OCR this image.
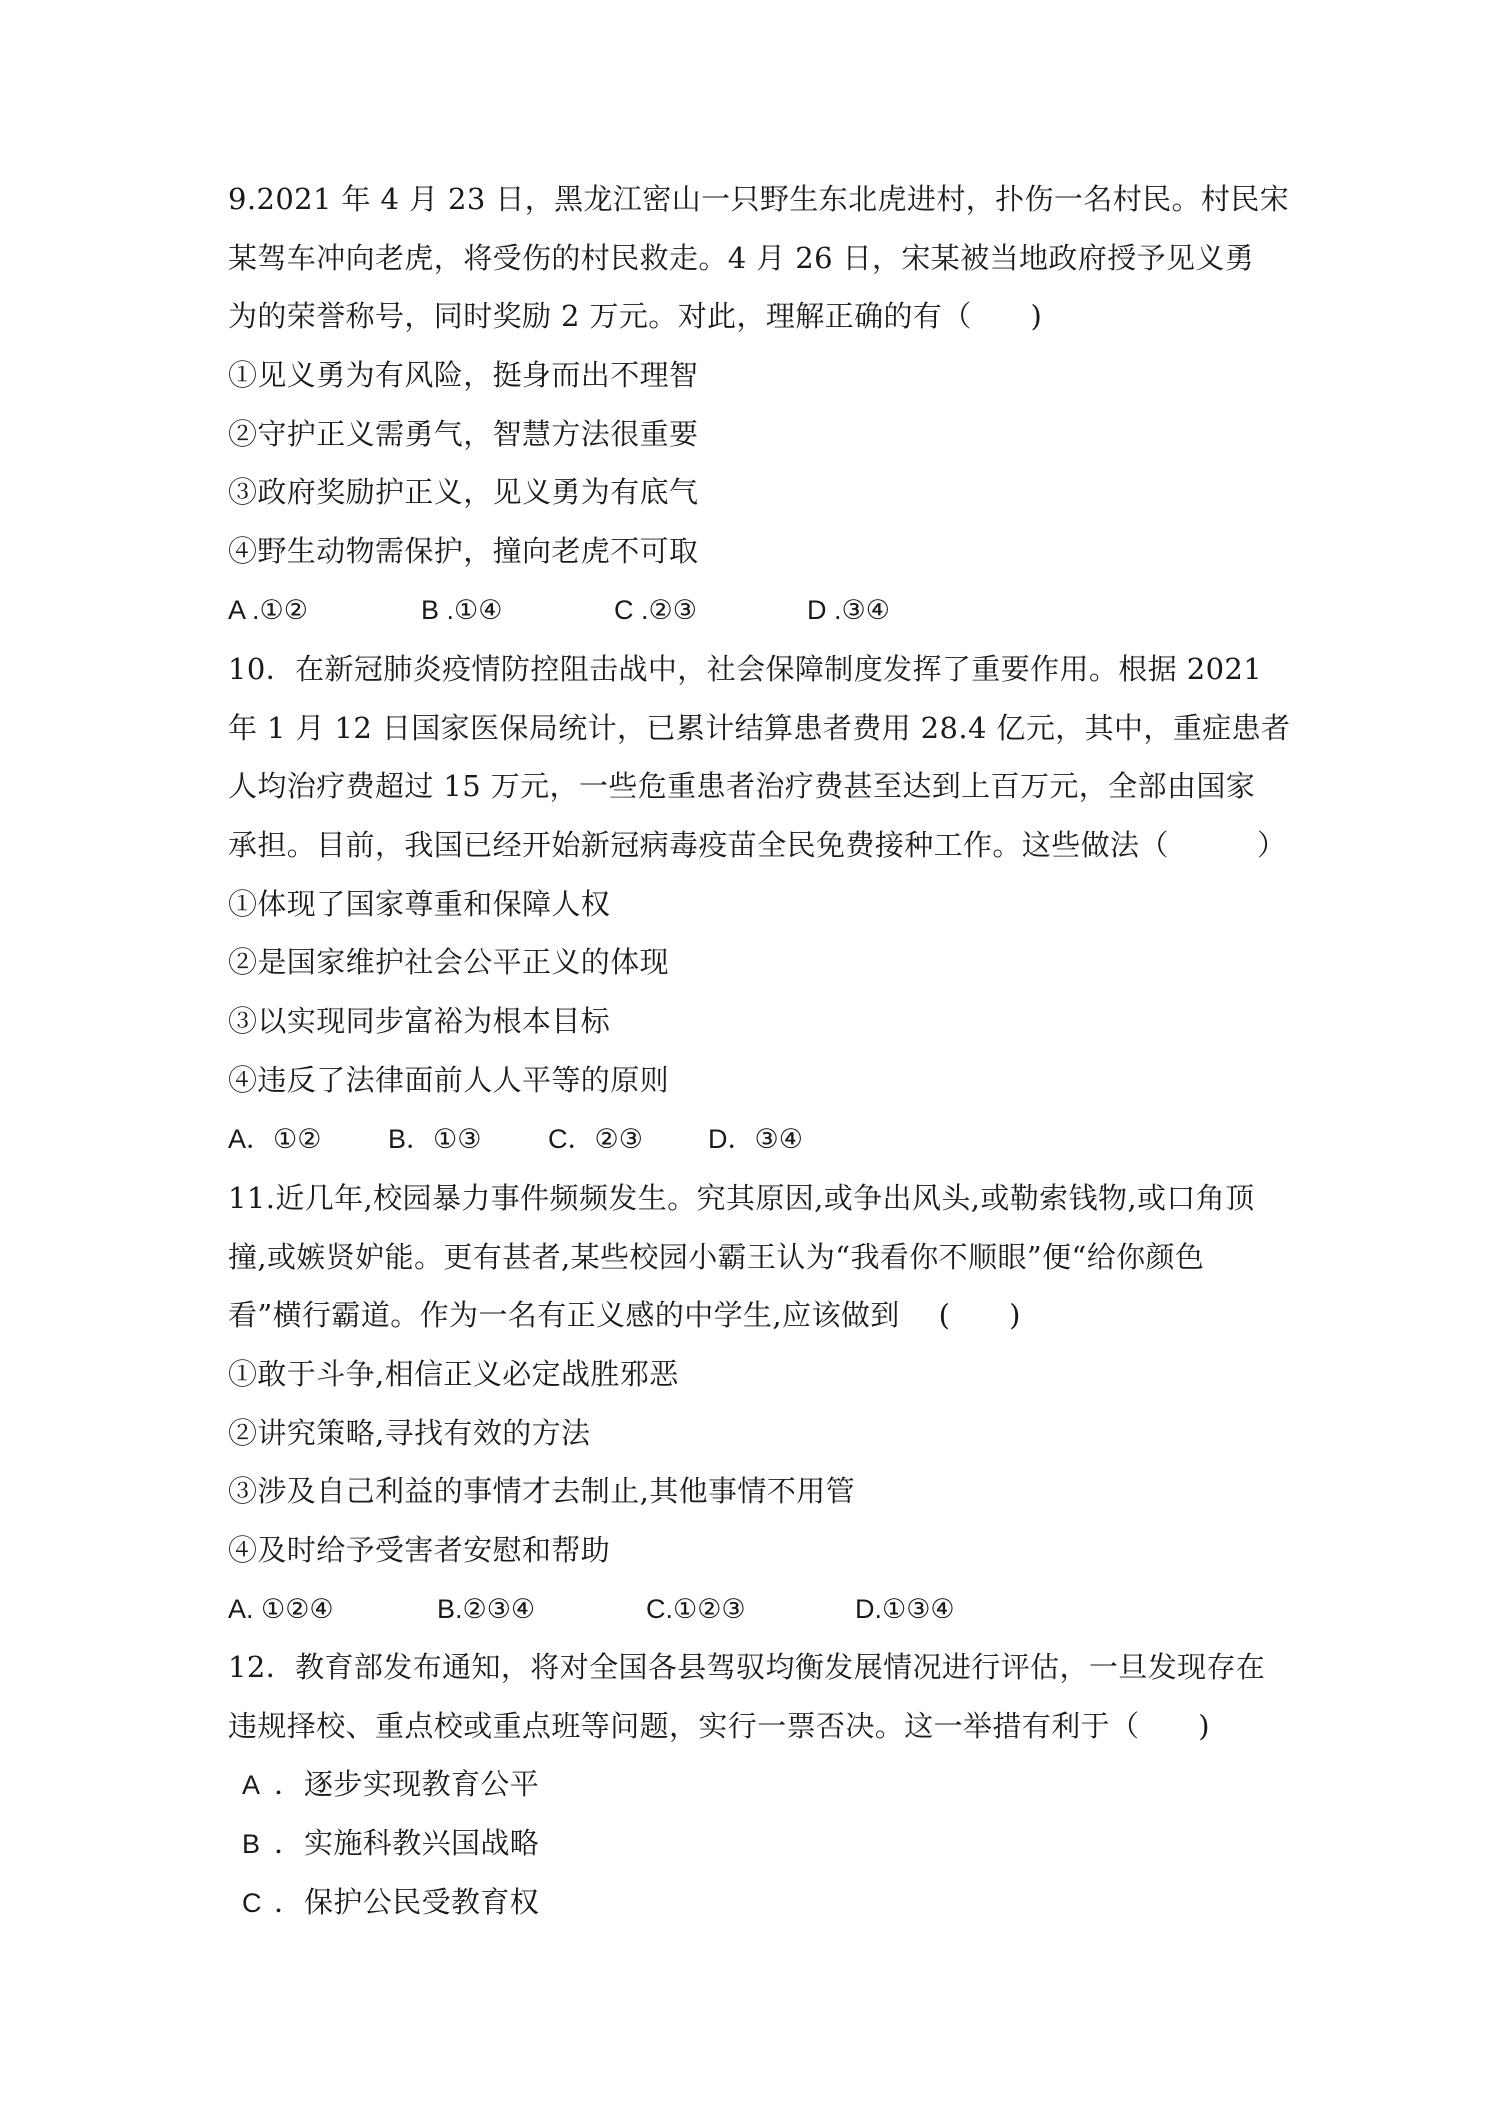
9.2021 年 4 月 23 日，黑龙江密山一只野生东北虎进村，扑伤一名村民。村民宋
某驾车冲向老虎，将受伤的村民救走。4 月 26 日，宋某被当地政府授予见义勇
为的荣誉称号，同时奖励 2 万元。对此，理解正确的有（　　)
①见义勇为有风险，挺身而出不理智
②守护正义需勇气，智慧方法很重要
③政府奖励护正义，见义勇为有底气
④野生动物需保护，撞向老虎不可取
A .①②	B .①④	C .②③	D .③④
10．在新冠肺炎疫情防控阻击战中，社会保障制度发挥了重要作用。根据 2021
年 1 月 12 日国家医保局统计，已累计结算患者费用 28.4 亿元，其中，重症患者
人均治疗费超过 15 万元，一些危重患者治疗费甚至达到上百万元，全部由国家
承担。目前，我国已经开始新冠病毒疫苗全民免费接种工作。这些做法（　　　）
①体现了国家尊重和保障人权
②是国家维护社会公平正义的体现
③以实现同步富裕为根本目标
④违反了法律面前人人平等的原则
A．①②	B．①③	C．②③	D．③④
11.近几年,校园暴力事件频频发生。究其原因,或争出风头,或勒索钱物,或口角顶
撞,或嫉贤妒能。更有甚者,某些校园小霸王认为“我看你不顺眼”便“给你颜色
看”横行霸道。作为一名有正义感的中学生,应该做到　 (　　)
①敢于斗争,相信正义必定战胜邪恶
②讲究策略,寻找有效的方法
③涉及自己利益的事情才去制止,其他事情不用管
④及时给予受害者安慰和帮助
A. ①②④	B.②③④	C.①②③	D.①③④
12．教育部发布通知，将对全国各县驾驭均衡发展情况进行评估，一旦发现存在
违规择校、重点校或重点班等问题，实行一票否决。这一举措有利于（　　)
A ．逐步实现教育公平
B ．实施科教兴国战略
C ．保护公民受教育权
